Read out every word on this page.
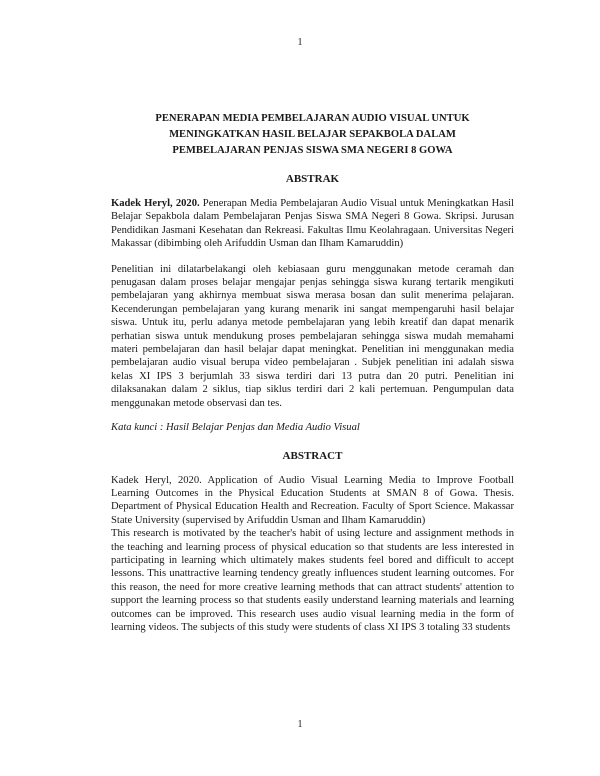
1
PENERAPAN MEDIA PEMBELAJARAN AUDIO VISUAL UNTUK
MENINGKATKAN HASIL BELAJAR SEPAKBOLA DALAM
PEMBELAJARAN PENJAS SISWA SMA NEGERI 8 GOWA
ABSTRAK

Kadek Heryl, 2020. Penerapan Media Pembelajaran Audio Visual untuk Meningkatkan Hasil Belajar Sepakbola dalam Pembelajaran Penjas Siswa SMA Negeri 8 Gowa. Skripsi. Jurusan Pendidikan Jasmani Kesehatan dan Rekreasi. Fakultas Ilmu Keolahragaan. Universitas Negeri Makassar (dibimbing oleh Arifuddin Usman dan Ilham Kamaruddin)

Penelitian ini dilatarbelakangi oleh kebiasaan guru menggunakan metode ceramah dan penugasan dalam proses belajar mengajar penjas sehingga siswa kurang tertarik mengikuti pembelajaran yang akhirnya membuat siswa merasa bosan dan sulit menerima pelajaran. Kecenderungan pembelajaran yang kurang menarik ini sangat mempengaruhi hasil belajar siswa. Untuk itu, perlu adanya metode pembelajaran yang lebih kreatif dan dapat menarik perhatian siswa untuk mendukung proses pembelajaran sehingga siswa mudah memahami materi pembelajaran dan hasil belajar dapat meningkat. Penelitian ini menggunakan media pembelajaran audio visual berupa video pembelajaran . Subjek penelitian ini adalah siswa kelas XI IPS 3 berjumlah 33 siswa terdiri dari 13 putra dan 20 putri. Penelitian ini dilaksanakan dalam 2 siklus, tiap siklus terdiri dari 2 kali pertemuan. Pengumpulan data menggunakan metode observasi dan tes.

Kata kunci : Hasil Belajar Penjas dan Media Audio Visual

ABSTRACT

Kadek Heryl, 2020. Application of Audio Visual Learning Media to Improve Football Learning Outcomes in the Physical Education Students at SMAN 8 of Gowa. Thesis. Department of Physical Education Health and Recreation. Faculty of Sport Science. Makassar State University (supervised by Arifuddin Usman and Ilham Kamaruddin)

This research is motivated by the teacher's habit of using lecture and assignment methods in the teaching and learning process of physical education so that students are less interested in participating in learning which ultimately makes students feel bored and difficult to accept lessons. This unattractive learning tendency greatly influences student learning outcomes. For this reason, the need for more creative learning methods that can attract students' attention to support the learning process so that students easily understand learning materials and learning outcomes can be improved. This research uses audio visual learning media in the form of learning videos. The subjects of this study were students of class XI IPS 3 totaling 33 students

1
